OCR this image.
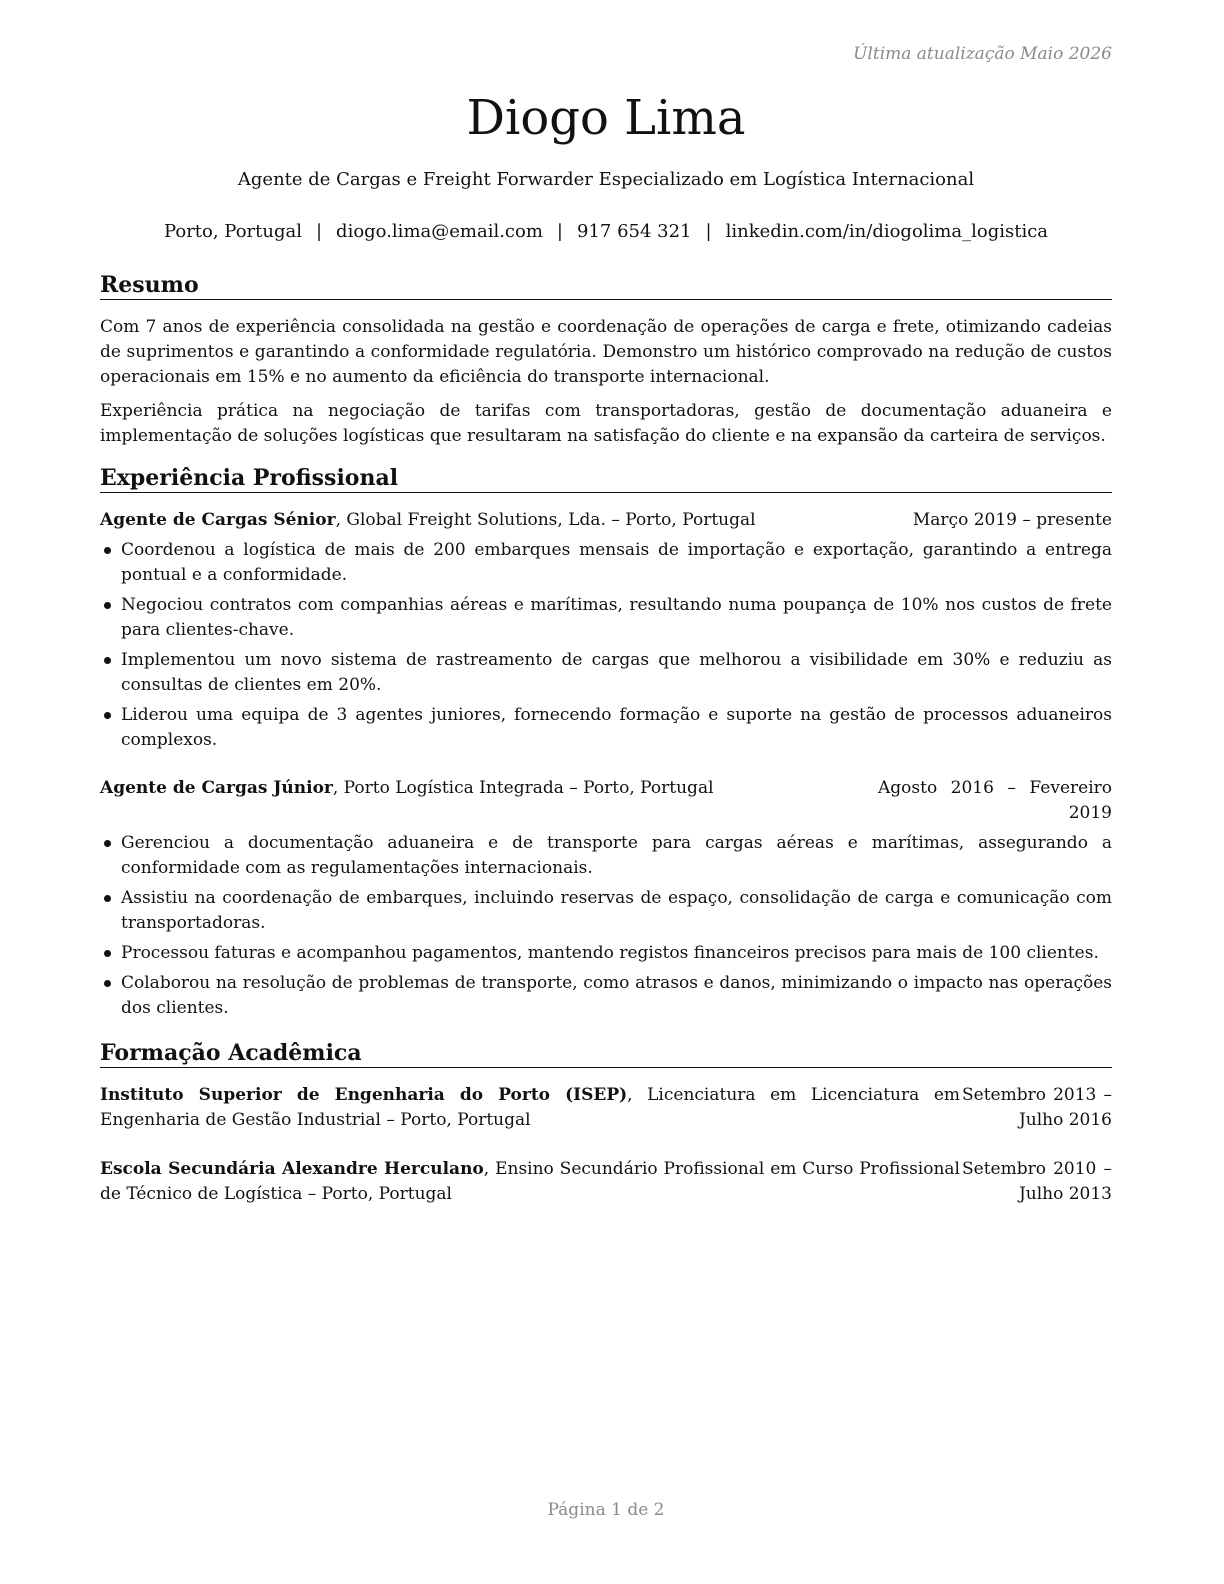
Última atualização Maio 2026
Diogo Lima
Agente de Cargas e Freight Forwarder Especializado em Logística Internacional
Porto, Portugal | diogo.lima@email.com | 917 654 321 | linkedin.com/in/diogolima_logistica
Resumo
Com 7 anos de experiência consolidada na gestão e coordenação de operações de carga e frete, otimizando cadeias de suprimentos e garantindo a conformidade regulatória. Demonstro um histórico comprovado na redução de custos operacionais em 15% e no aumento da eficiência do transporte internacional.
Experiência prática na negociação de tarifas com transportadoras, gestão de documentação aduaneira e implementação de soluções logísticas que resultaram na satisfação do cliente e na expansão da carteira de serviços.
Experiência Profissional
Agente de Cargas Sénior, Global Freight Solutions, Lda. – Porto, Portugal	Março 2019 – presente
Coordenou a logística de mais de 200 embarques mensais de importação e exportação, garantindo a entrega pontual e a conformidade.
Negociou contratos com companhias aéreas e marítimas, resultando numa poupança de 10% nos custos de frete para clientes-chave.
Implementou um novo sistema de rastreamento de cargas que melhorou a visibilidade em 30% e reduziu as consultas de clientes em 20%.
Liderou uma equipa de 3 agentes juniores, fornecendo formação e suporte na gestão de processos aduaneiros complexos.
Agente de Cargas Júnior, Porto Logística Integrada – Porto, Portugal	Agosto 2016 – Fevereiro 2019
Gerenciou a documentação aduaneira e de transporte para cargas aéreas e marítimas, assegurando a conformidade com as regulamentações internacionais.
Assistiu na coordenação de embarques, incluindo reservas de espaço, consolidação de carga e comunicação com transportadoras.
Processou faturas e acompanhou pagamentos, mantendo registos financeiros precisos para mais de 100 clientes.
Colaborou na resolução de problemas de transporte, como atrasos e danos, minimizando o impacto nas operações dos clientes.
Formação Acadêmica
Instituto Superior de Engenharia do Porto (ISEP), Licenciatura em Licenciatura em Engenharia de Gestão Industrial – Porto, Portugal
Setembro 2013 – Julho 2016
Escola Secundária Alexandre Herculano, Ensino Secundário Profissional em Curso Profissional de Técnico de Logística – Porto, Portugal
Setembro 2010 – Julho 2013
Página 1 de 2
